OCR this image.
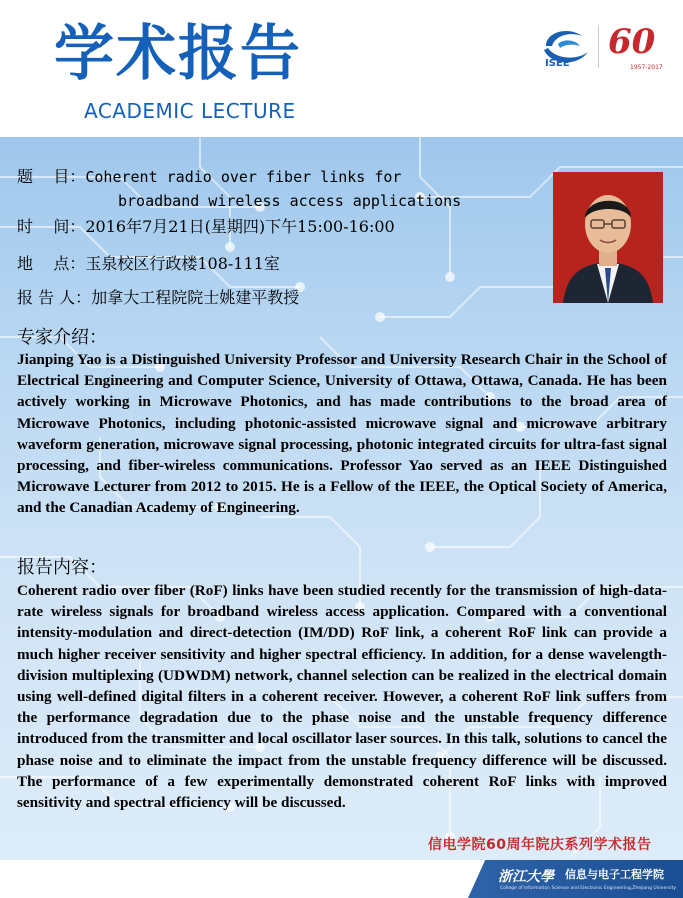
学术报告
ACADEMIC LECTURE
ISEE
60
1957-2017
题    目：Coherent radio over fiber links for
broadband wireless access applications
时    间：2016年7月21日(星期四)下午15:00-16:00
地    点：玉泉校区行政楼108-111室
报 告 人：加拿大工程院院士姚建平教授
专家介绍：
Jianping Yao is a Distinguished University Professor and University Research Chair in the School of Electrical Engineering and Computer Science, University of Ottawa, Ottawa, Canada. He has been actively working in Microwave Photonics, and has made contributions to the broad area of Microwave Photonics, including photonic-assisted microwave signal and microwave arbitrary waveform generation, microwave signal processing, photonic integrated circuits for ultra-fast signal processing, and fiber-wireless communications. Professor Yao served as an IEEE Distinguished Microwave Lecturer from 2012 to 2015. He is a Fellow of the IEEE, the Optical Society of America, and the Canadian Academy of Engineering.
报告内容：
Coherent radio over fiber (RoF) links have been studied recently for the transmission of high-data-rate wireless signals for broadband wireless access application. Compared with a conventional intensity-modulation and direct-detection (IM/DD) RoF link, a coherent RoF link can provide a much higher receiver sensitivity and higher spectral efficiency. In addition, for a dense wavelength-division multiplexing (UDWDM) network, channel selection can be realized in the electrical domain using well-defined digital filters in a coherent receiver. However, a coherent RoF link suffers from the performance degradation due to the phase noise and the unstable frequency difference introduced from the transmitter and local oscillator laser sources. In this talk, solutions to cancel the phase noise and to eliminate the impact from the unstable frequency difference will be discussed. The performance of a few experimentally demonstrated coherent RoF links with improved sensitivity and spectral efficiency will be discussed.
信电学院60周年院庆系列学术报告
浙江大學 信息与电子工程学院
College of Information Science and Electronic Engineering,Zhejiang University
